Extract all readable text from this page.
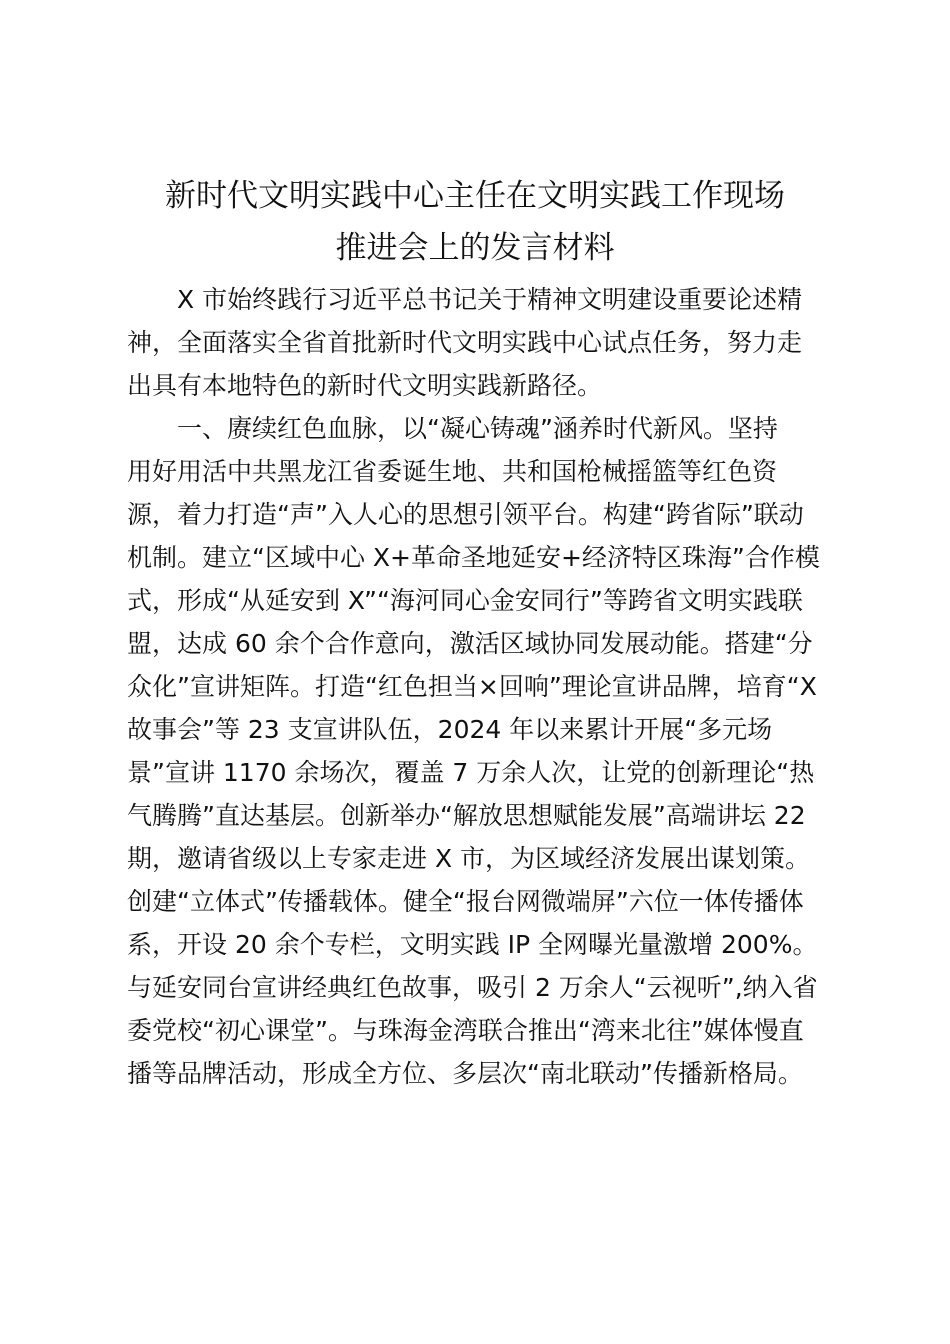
新时代文明实践中心主任在文明实践工作现场
推进会上的发言材料

X 市始终践行习近平总书记关于精神文明建设重要论述精

神，全面落实全省首批新时代文明实践中心试点任务，努力走

出具有本地特色的新时代文明实践新路径。

一、赓续红色血脉，以“凝心铸魂”涵养时代新风。坚持

用好用活中共黑龙江省委诞生地、共和国枪械摇篮等红色资

源，着力打造“声”入人心的思想引领平台。构建“跨省际”联动

机制。建立“区域中心 X+革命圣地延安+经济特区珠海”合作模

式，形成“从延安到 X”“海河同心金安同行”等跨省文明实践联

盟，达成 60 余个合作意向，激活区域协同发展动能。搭建“分

众化”宣讲矩阵。打造“红色担当×回响”理论宣讲品牌，培育“X

故事会”等 23 支宣讲队伍，2024 年以来累计开展“多元场

景”宣讲 1170 余场次，覆盖 7 万余人次，让党的创新理论“热

气腾腾”直达基层。创新举办“解放思想赋能发展”高端讲坛 22

期，邀请省级以上专家走进 X 市，为区域经济发展出谋划策。

创建“立体式”传播载体。健全“报台网微端屏”六位一体传播体

系，开设 20 余个专栏，文明实践 IP 全网曝光量激增 200%。

与延安同台宣讲经典红色故事，吸引 2 万余人“云视听”,纳入省

委党校“初心课堂”。与珠海金湾联合推出“湾来北往”媒体慢直

播等品牌活动，形成全方位、多层次“南北联动”传播新格局。
